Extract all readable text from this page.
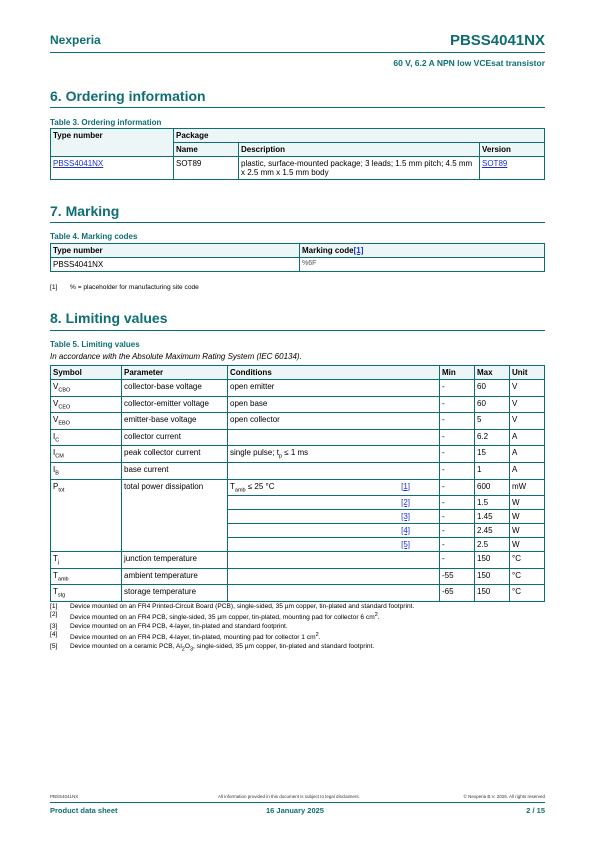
Nexperia	PBSS4041NX
60 V, 6.2 A NPN low VCEsat transistor
6. Ordering information
Table 3. Ordering information
Type number	Package		
	Name	Description	Version
PBSS4041NX	SOT89	plastic, surface-mounted package; 3 leads; 1.5 mm pitch; 4.5 mm x 2.5 mm x 1.5 mm body	SOT89
7. Marking
Table 4. Marking codes
Type number	Marking code[1]
PBSS4041NX	%6F
[1]	% = placeholder for manufacturing site code
8. Limiting values
Table 5. Limiting values
In accordance with the Absolute Maximum Rating System (IEC 60134).
Symbol	Parameter	Conditions	Min	Max	Unit
$V_{CBO}$	collector-base voltage	open emitter	-	60	V
$V_{CEO}$	collector-emitter voltage	open base	-	60	V
$V_{EBO}$	emitter-base voltage	open collector	-	5	V
$I_C$	collector current		-	6.2	A
$I_{CM}$	peak collector current	single pulse; $t_p \le 1$ ms	-	15	A
$I_B$	base current		-	1	A
$P_{tot}$	total power dissipation	$T_{amb} \le 25$ °C [1]	-	600	mW

		[2]	-	1.5	W

		[3]	-	1.45	W

		[4]	-	2.45	W

		[5]	-	2.5	W
$T_j$	junction temperature		-	150	°C
$T_{amb}$	ambient temperature		-55	150	°C
$T_{stg}$	storage temperature		-65	150	°C
[1]	Device mounted on an FR4 Printed-Circuit Board (PCB), single-sided, 35 µm copper, tin-plated and standard footprint.
[2]	Device mounted on an FR4 PCB, single-sided, 35 µm copper, tin-plated, mounting pad for collector 6 $cm^2$.
[3]	Device mounted on an FR4 PCB, 4-layer, tin-plated and standard footprint.
[4]	Device mounted on an FR4 PCB, 4-layer, tin-plated, mounting pad for collector 1 $cm^2$.
[5]	Device mounted on a ceramic PCB, $Al_2O_3$, single-sided, 35 µm copper, tin-plated and standard footprint.
PBSS4041NX	All information provided in this document is subject to legal disclaimers.	© Nexperia B.V. 2025. All rights reserved
Product data sheet	16 January 2025	2 / 15
